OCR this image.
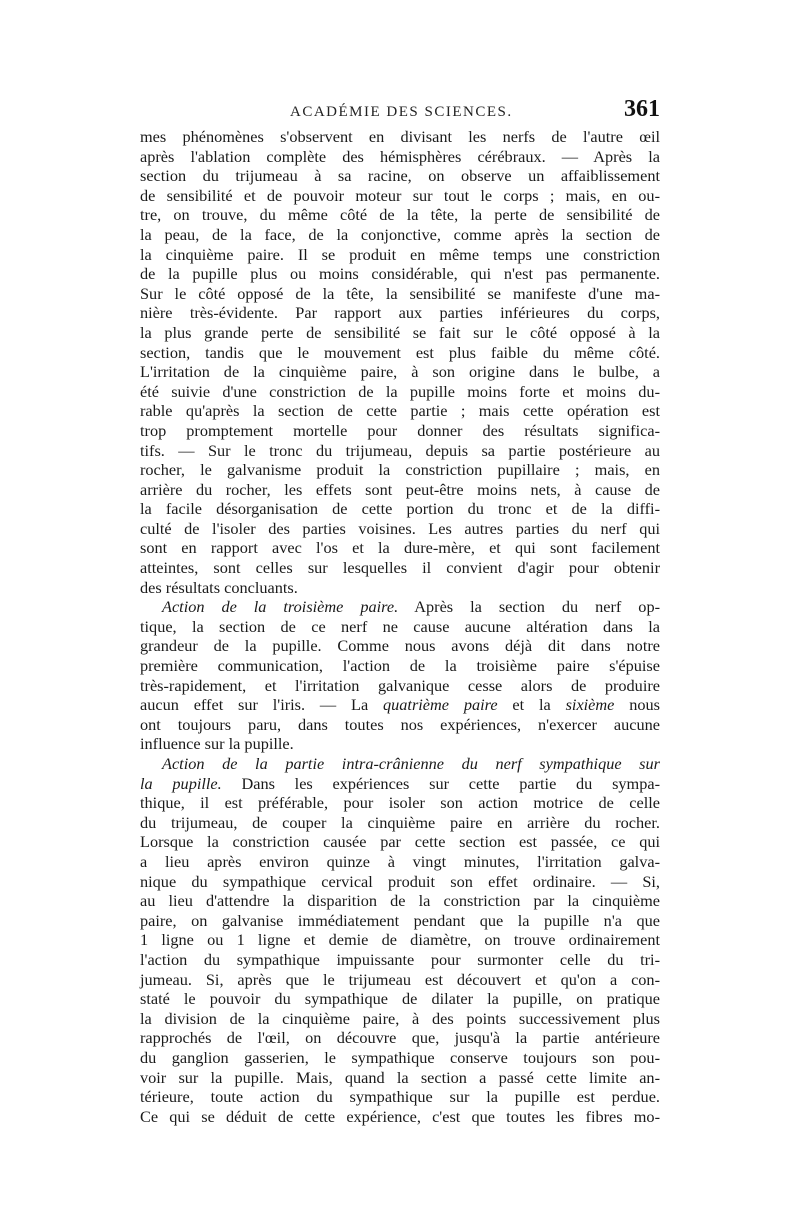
ACADÉMIE DES SCIENCES.	361
mes phénomènes s'observent en divisant les nerfs de l'autre œil
après l'ablation complète des hémisphères cérébraux. — Après la
section du trijumeau à sa racine, on observe un affaiblissement
de sensibilité et de pouvoir moteur sur tout le corps ; mais, en ou-
tre, on trouve, du même côté de la tête, la perte de sensibilité de
la peau, de la face, de la conjonctive, comme après la section de
la cinquième paire. Il se produit en même temps une constriction
de la pupille plus ou moins considérable, qui n'est pas permanente.
Sur le côté opposé de la tête, la sensibilité se manifeste d'une ma-
nière très-évidente. Par rapport aux parties inférieures du corps,
la plus grande perte de sensibilité se fait sur le côté opposé à la
section, tandis que le mouvement est plus faible du même côté.
L'irritation de la cinquième paire, à son origine dans le bulbe, a
été suivie d'une constriction de la pupille moins forte et moins du-
rable qu'après la section de cette partie ; mais cette opération est
trop promptement mortelle pour donner des résultats significa-
tifs. — Sur le tronc du trijumeau, depuis sa partie postérieure au
rocher, le galvanisme produit la constriction pupillaire ; mais, en
arrière du rocher, les effets sont peut-être moins nets, à cause de
la facile désorganisation de cette portion du tronc et de la diffi-
culté de l'isoler des parties voisines. Les autres parties du nerf qui
sont en rapport avec l'os et la dure-mère, et qui sont facilement
atteintes, sont celles sur lesquelles il convient d'agir pour obtenir
des résultats concluants.
Action de la troisième paire. Après la section du nerf op-
tique, la section de ce nerf ne cause aucune altération dans la
grandeur de la pupille. Comme nous avons déjà dit dans notre
première communication, l'action de la troisième paire s'épuise
très-rapidement, et l'irritation galvanique cesse alors de produire
aucun effet sur l'iris. — La quatrième paire et la sixième nous
ont toujours paru, dans toutes nos expériences, n'exercer aucune
influence sur la pupille.
Action de la partie intra-crânienne du nerf sympathique sur
la pupille. Dans les expériences sur cette partie du sympa-
thique, il est préférable, pour isoler son action motrice de celle
du trijumeau, de couper la cinquième paire en arrière du rocher.
Lorsque la constriction causée par cette section est passée, ce qui
a lieu après environ quinze à vingt minutes, l'irritation galva-
nique du sympathique cervical produit son effet ordinaire. — Si,
au lieu d'attendre la disparition de la constriction par la cinquième
paire, on galvanise immédiatement pendant que la pupille n'a que
1 ligne ou 1 ligne et demie de diamètre, on trouve ordinairement
l'action du sympathique impuissante pour surmonter celle du tri-
jumeau. Si, après que le trijumeau est découvert et qu'on a con-
staté le pouvoir du sympathique de dilater la pupille, on pratique
la division de la cinquième paire, à des points successivement plus
rapprochés de l'œil, on découvre que, jusqu'à la partie antérieure
du ganglion gasserien, le sympathique conserve toujours son pou-
voir sur la pupille. Mais, quand la section a passé cette limite an-
térieure, toute action du sympathique sur la pupille est perdue.
Ce qui se déduit de cette expérience, c'est que toutes les fibres mo-
